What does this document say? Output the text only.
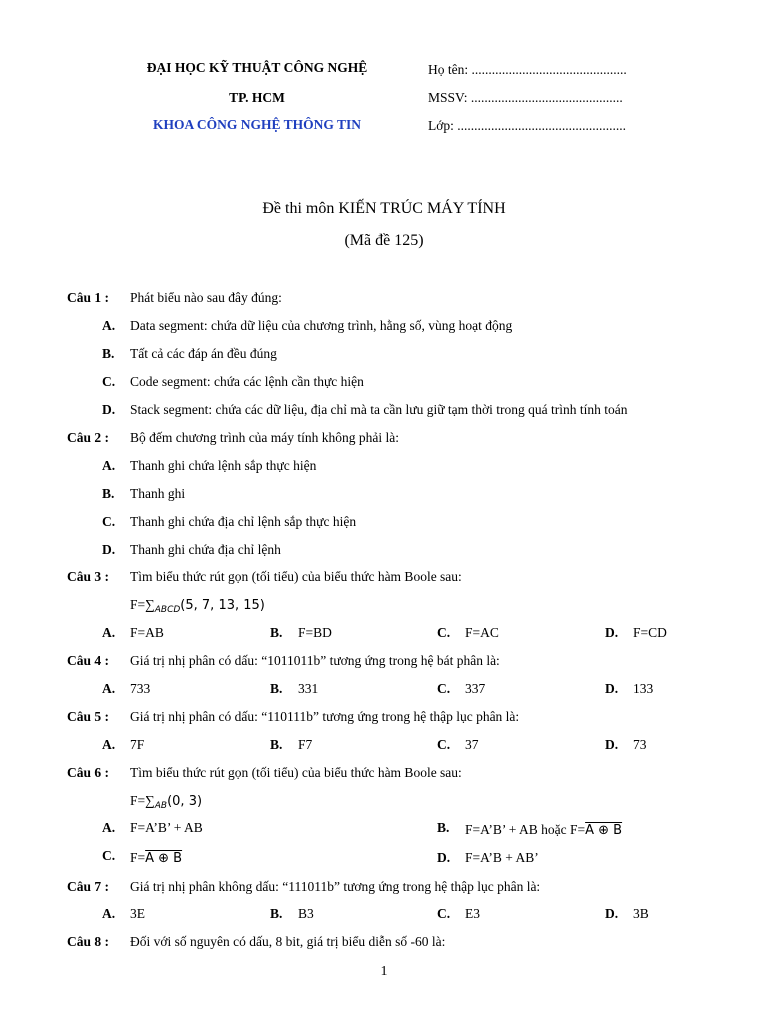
ĐẠI HỌC KỸ THUẬT CÔNG NGHỆ
TP. HCM
KHOA CÔNG NGHỆ THÔNG TIN
Họ tên: ..............................................
MSSV: .............................................
Lớp: ..................................................
Đề thi môn KIẾN TRÚC MÁY TÍNH
(Mã đề 125)
Câu 1 : Phát biểu nào sau đây đúng:
A. Data segment: chứa dữ liệu của chương trình, hằng số, vùng hoạt động
B. Tất cả các đáp án đều đúng
C. Code segment: chứa các lệnh cần thực hiện
D. Stack segment: chứa các dữ liệu, địa chỉ mà ta cần lưu giữ tạm thời trong quá trình tính toán
Câu 2 : Bộ đếm chương trình của máy tính không phải là:
A. Thanh ghi chứa lệnh sắp thực hiện
B. Thanh ghi
C. Thanh ghi chứa địa chỉ lệnh sắp thực hiện
D. Thanh ghi chứa địa chỉ lệnh
Câu 3 : Tìm biểu thức rút gọn (tối tiểu) của biểu thức hàm Boole sau:
$F=\sum_{ABCD}(5$, 7, 13, 15)
A. F=AB	B. F=BD	C. F=AC	D. F=CD
Câu 4 : Giá trị nhị phân có dấu: “1011011b” tương ứng trong hệ bát phân là:
A. 733	B. 331	C. 337	D. 133
Câu 5 : Giá trị nhị phân có dấu: “110111b” tương ứng trong hệ thập lục phân là:
A. 7F	B. F7	C. 37	D. 73
Câu 6 : Tìm biểu thức rút gọn (tối tiểu) của biểu thức hàm Boole sau:
$F=\sum_{AB}(0$, 3)
A. F=A’B’ + AB	B. F=A’B’ + AB hoặc F=A ⊕ B
C. F=A ⊕ B	D. F=A’B + AB’
Câu 7 : Giá trị nhị phân không dấu: “111011b” tương ứng trong hệ thập lục phân là:
A. 3E	B. B3	C. E3	D. 3B
Câu 8 : Đối với số nguyên có dấu, 8 bit, giá trị biểu diễn số -60 là:
1
